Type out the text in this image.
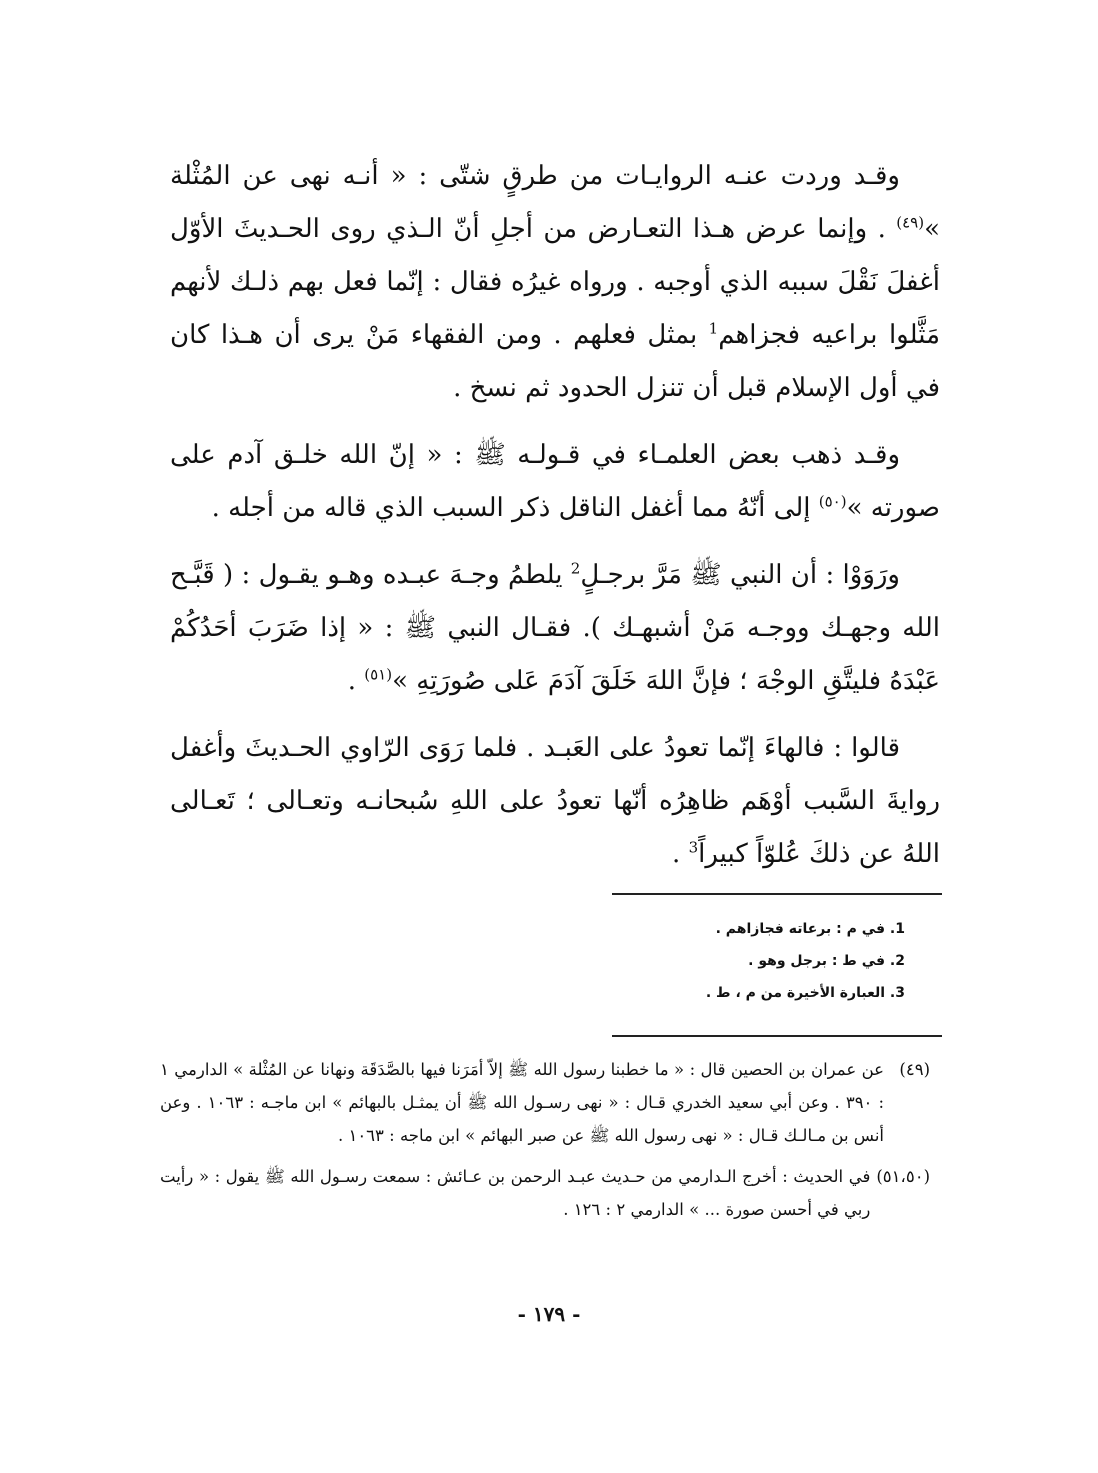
وقـد وردت عنـه الروايـات من طرقٍ شتّى : « أنـه نهى عن المُثْلة »$^{(٤٩)}$ . وإنما عرض هـذا التعـارض من أجلِ أنّ الـذي روى الحـديثَ الأوّل أغفلَ نَقْلَ سببه الذي أوجبه . ورواه غيرُه فقال : إنّما فعل بهم ذلـك لأنهم مَثَّلوا براعيه فجزاهم$^1$ بمثل فعلهم . ومن الفقهاء مَنْ يرى أن هـذا كان في أول الإسلام قبل أن تنزل الحدود ثم نسخ .

وقـد ذهب بعض العلمـاء في قـولـه ﷺ : « إنّ الله خلـق آدم على صورته »$^{(٥٠)}$ إلى أنّهُ مما أغفل الناقل ذكر السبب الذي قاله من أجله .

ورَوَوْا : أن النبي ﷺ مَرَّ برجـلٍ$^2$ يلطمُ وجـهَ عبـده وهـو يقـول : ( قَبَّـح الله وجهـك ووجـه مَنْ أشبهـك ). فقـال النبي ﷺ : « إذا ضَرَبَ أحَدُكُمْ عَبْدَهُ فليتَّقِ الوجْهَ ؛ فإنَّ اللهَ خَلَقَ آدَمَ عَلى صُورَتِهِ »$^{(٥١)}$ .

قالوا : فالهاءَ إنّما تعودُ على العَبـد . فلما رَوَى الرّاوي الحـديثَ وأغفل روايةَ السَّبب أوْهَم ظاهِرُه أنّها تعودُ على اللهِ سُبحانـه وتعـالى ؛ تَعـالى اللهُ عن ذلكَ عُلوّاً كبيراً$^3$ .

1. في م : برعاته فجازاهم .
2. في ط : برجل وهو .
3. العبارة الأخيرة من م ، ط .
(٤٩)
عن عمران بن الحصين قال : « ما خطبنا رسول الله ﷺ إلاّ أمَرَنا فيها بالصَّدَقَة ونهانا عن المُثْلة » الدارمي ١ : ٣٩٠ . وعن أبي سعيد الخدري قـال : « نهى رسـول الله ﷺ أن يمثـل بالبهائم » ابن ماجـه : ١٠٦٣ . وعن أنس بن مـالـك قـال : « نهى رسول الله ﷺ عن صبر البهائم » ابن ماجه : ١٠٦٣ .
(٥١،٥٠)
في الحديث : أخرج الـدارمي من حـديث عبـد الرحمن بن عـائش : سمعت رسـول الله ﷺ يقول : « رأيت ربي في أحسن صورة ... » الدارمي ٢ : ١٢٦ .
- ١٧٩ -
